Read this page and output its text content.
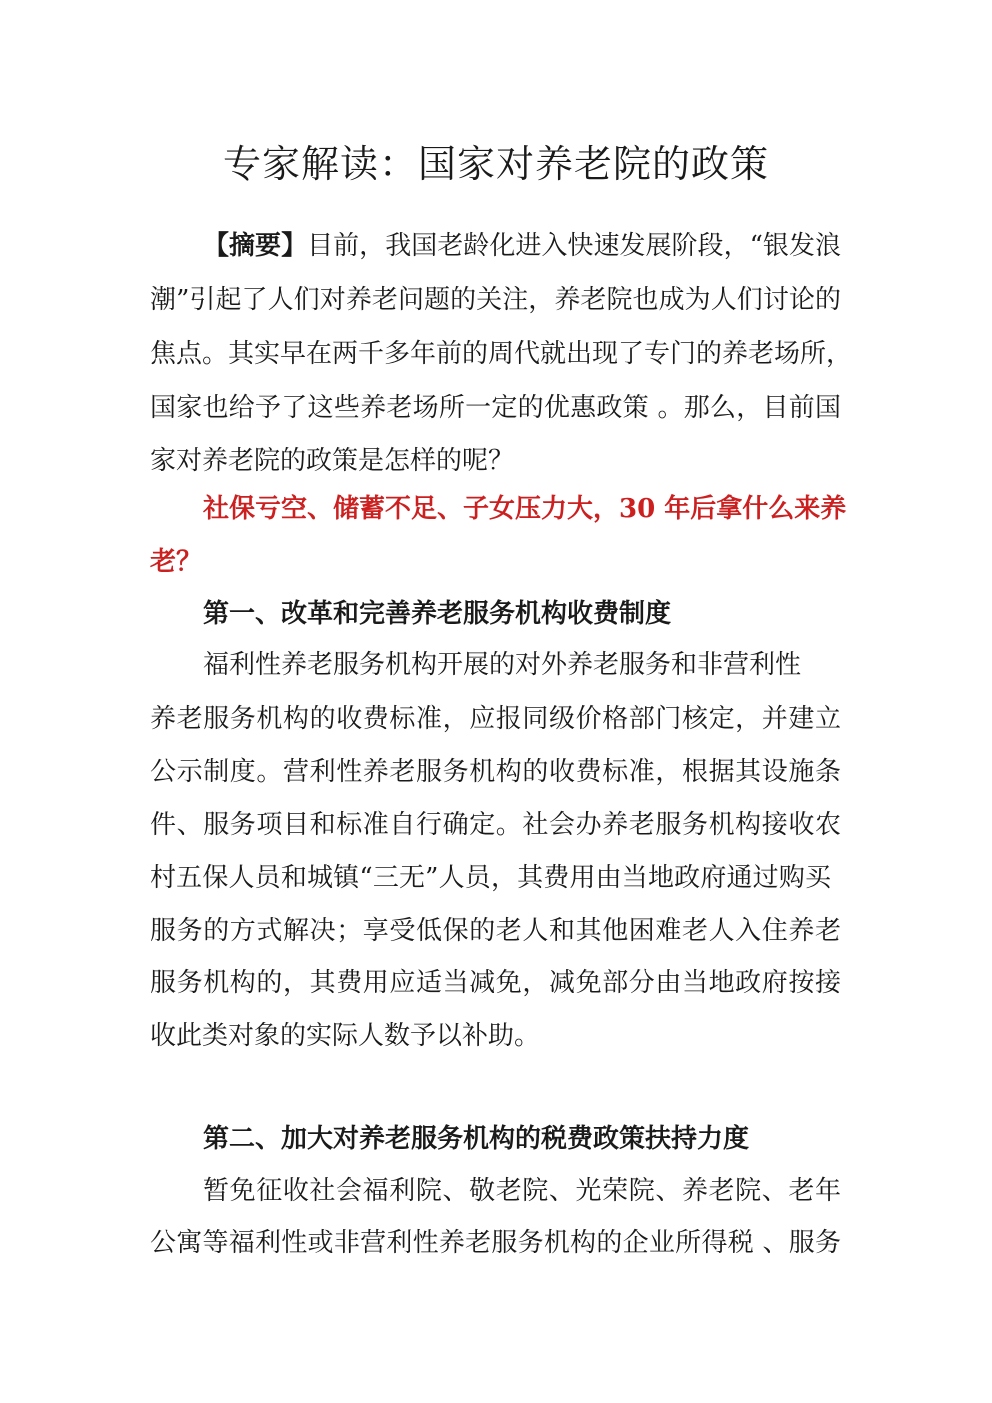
专家解读：国家对养老院的政策
【摘要】目前，我国老龄化进入快速发展阶段，“银发浪
潮”引起了人们对养老问题的关注，养老院也成为人们讨论的
焦点。其实早在两千多年前的周代就出现了专门的养老场所，
国家也给予了这些养老场所一定的优惠政策 。那么，目前国
家对养老院的政策是怎样的呢？
社保亏空、储蓄不足、子女压力大，30 年后拿什么来养
老？
第一、改革和完善养老服务机构收费制度
福利性养老服务机构开展的对外养老服务和非营利性
养老服务机构的收费标准，应报同级价格部门核定，并建立
公示制度。营利性养老服务机构的收费标准，根据其设施条
件、服务项目和标准自行确定。社会办养老服务机构接收农
村五保人员和城镇“三无”人员，其费用由当地政府通过购买
服务的方式解决；享受低保的老人和其他困难老人入住养老
服务机构的，其费用应适当减免，减免部分由当地政府按接
收此类对象的实际人数予以补助。
第二、加大对养老服务机构的税费政策扶持力度
暂免征收社会福利院、敬老院、光荣院、养老院、老年
公寓等福利性或非营利性养老服务机构的企业所得税 、服务
